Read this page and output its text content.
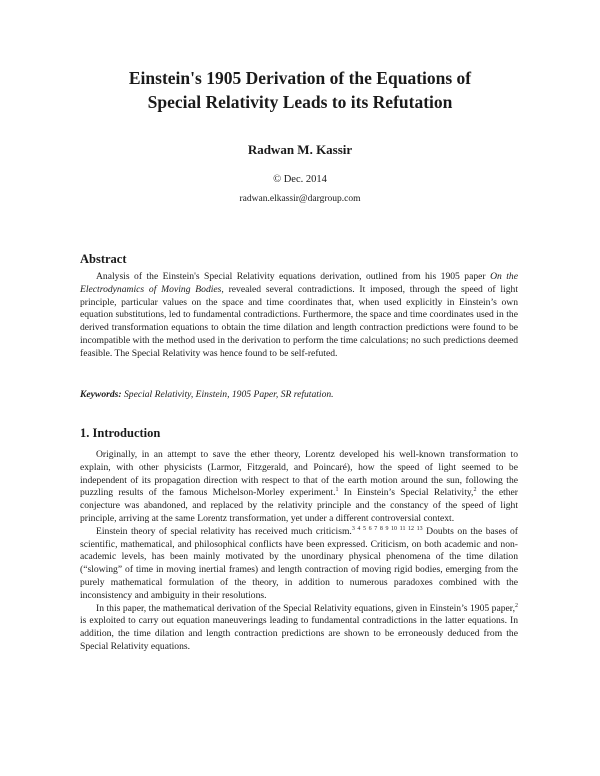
Einstein's 1905 Derivation of the Equations of
Special Relativity Leads to its Refutation
Radwan M. Kassir
© Dec. 2014
radwan.elkassir@dargroup.com
Abstract

Analysis of the Einstein's Special Relativity equations derivation, outlined from his 1905 paper On the Electrodynamics of Moving Bodies, revealed several contradictions. It imposed, through the speed of light principle, particular values on the space and time coordinates that, when used explicitly in Einstein’s own equation substitutions, led to fundamental contradictions. Furthermore, the space and time coordinates used in the derived transformation equations to obtain the time dilation and length contraction predictions were found to be incompatible with the method used in the derivation to perform the time calculations; no such predictions deemed feasible. The Special Relativity was hence found to be self-refuted.

Keywords: Special Relativity, Einstein, 1905 Paper, SR refutation.
1. Introduction

Originally, in an attempt to save the ether theory, Lorentz developed his well-known transformation to explain, with other physicists (Larmor, Fitzgerald, and Poincaré), how the speed of light seemed to be independent of its propagation direction with respect to that of the earth motion around the sun, following the puzzling results of the famous Michelson-Morley experiment.$^1$ In Einstein’s Special Relativity,$^2$ the ether conjecture was abandoned, and replaced by the relativity principle and the constancy of the speed of light principle, arriving at the same Lorentz transformation, yet under a different controversial context.

Einstein theory of special relativity has received much criticism.$^{3 4 5 6 7 8 9 10 11 12 13}$ Doubts on the bases of scientific, mathematical, and philosophical conflicts have been expressed. Criticism, on both academic and non-academic levels, has been mainly motivated by the unordinary physical phenomena of the time dilation (“slowing” of time in moving inertial frames) and length contraction of moving rigid bodies, emerging from the purely mathematical formulation of the theory, in addition to numerous paradoxes combined with the inconsistency and ambiguity in their resolutions.

In this paper, the mathematical derivation of the Special Relativity equations, given in Einstein’s 1905 paper,$^2$ is exploited to carry out equation maneuverings leading to fundamental contradictions in the latter equations. In addition, the time dilation and length contraction predictions are shown to be erroneously deduced from the Special Relativity equations.
